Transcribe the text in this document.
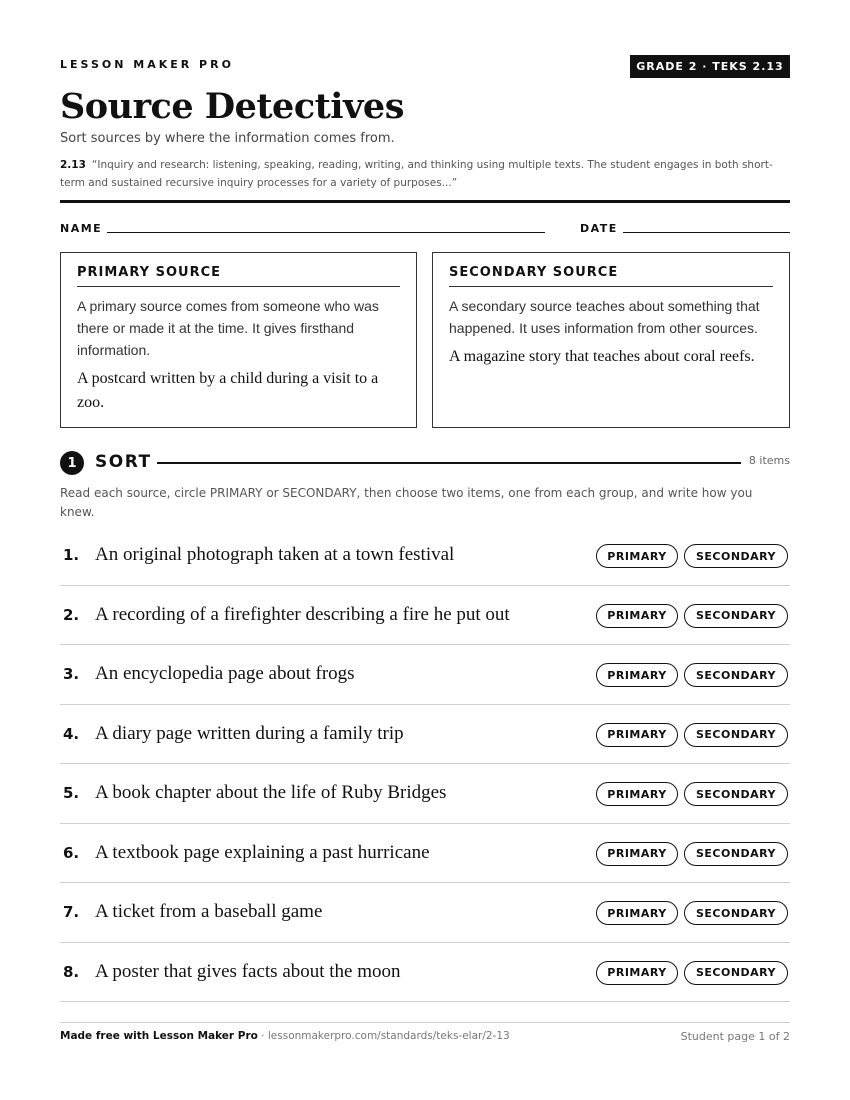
LESSON MAKER PRO	GRADE 2 · TEKS 2.13
Source Detectives
Sort sources by where the information comes from.
2.13 “Inquiry and research: listening, speaking, reading, writing, and thinking using multiple texts. The student engages in both short-term and sustained recursive inquiry processes for a variety of purposes...”
NAME	DATE
PRIMARY SOURCE
A primary source comes from someone who was there or made it at the time. It gives firsthand information.
A postcard written by a child during a visit to a zoo.
SECONDARY SOURCE
A secondary source teaches about something that happened. It uses information from other sources.
A magazine story that teaches about coral reefs.
1	SORT	8 items
Read each source, circle PRIMARY or SECONDARY, then choose two items, one from each group, and write how you knew.
1. An original photograph taken at a town festival	PRIMARY	SECONDARY
2. A recording of a firefighter describing a fire he put out	PRIMARY	SECONDARY
3. An encyclopedia page about frogs	PRIMARY	SECONDARY
4. A diary page written during a family trip	PRIMARY	SECONDARY
5. A book chapter about the life of Ruby Bridges	PRIMARY	SECONDARY
6. A textbook page explaining a past hurricane	PRIMARY	SECONDARY
7. A ticket from a baseball game	PRIMARY	SECONDARY
8. A poster that gives facts about the moon	PRIMARY	SECONDARY
Made free with Lesson Maker Pro · lessonmakerpro.com/standards/teks-elar/2-13	Student page 1 of 2
